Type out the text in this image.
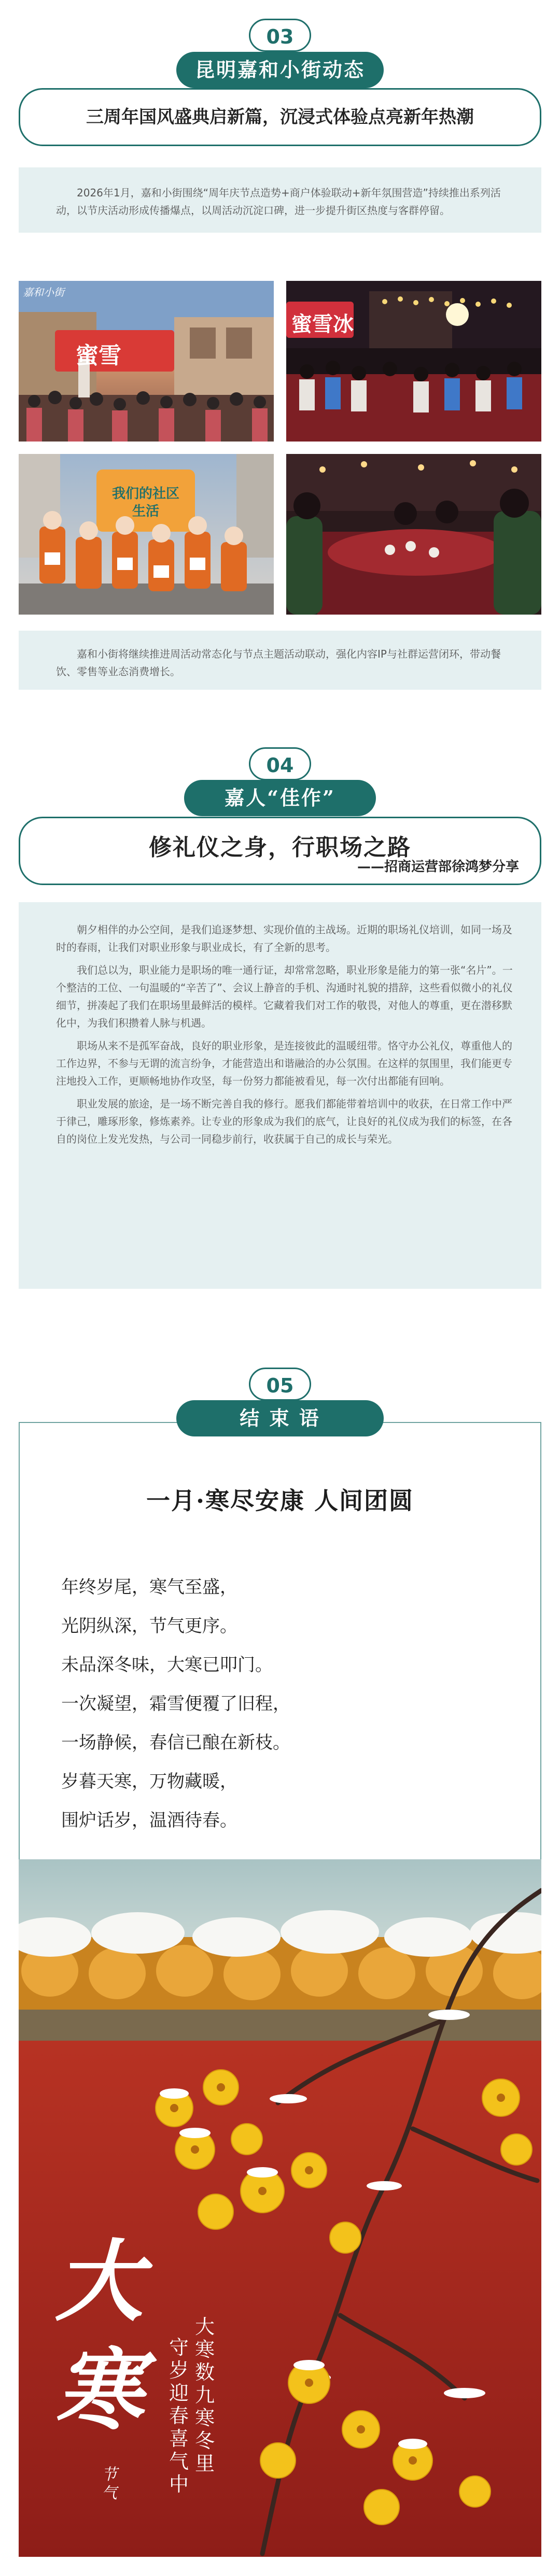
03
昆明嘉和小街动态
三周年国风盛典启新篇，沉浸式体验点亮新年热潮

2026年1月，嘉和小街围绕“周年庆节点造势+商户体验联动+新年氛围营造”持续推出系列活动，以节庆活动形成传播爆点，以周活动沉淀口碑，进一步提升街区热度与客群停留。

嘉和小街
蜜雪
蜜雪冰
我们的社区生活

嘉和小街将继续推进周活动常态化与节点主题活动联动，强化内容IP与社群运营闭环，带动餐饮、零售等业态消费增长。

04
嘉人“佳作”
修礼仪之身，行职场之路
——招商运营部徐鸿梦分享

朝夕相伴的办公空间，是我们追逐梦想、实现价值的主战场。近期的职场礼仪培训，如同一场及时的春雨，让我们对职业形象与职业成长，有了全新的思考。

我们总以为，职业能力是职场的唯一通行证，却常常忽略，职业形象是能力的第一张“名片”。一个整洁的工位、一句温暖的“辛苦了”、会议上静音的手机、沟通时礼貌的措辞，这些看似微小的礼仪细节，拼凑起了我们在职场里最鲜活的模样。它藏着我们对工作的敬畏，对他人的尊重，更在潜移默化中，为我们积攒着人脉与机遇。

职场从来不是孤军奋战，良好的职业形象，是连接彼此的温暖纽带。恪守办公礼仪，尊重他人的工作边界，不参与无谓的流言纷争，才能营造出和谐融洽的办公氛围。在这样的氛围里，我们能更专注地投入工作，更顺畅地协作攻坚，每一份努力都能被看见，每一次付出都能有回响。

职业发展的旅途，是一场不断完善自我的修行。愿我们都能带着培训中的收获，在日常工作中严于律己，雕琢形象，修炼素养。让专业的形象成为我们的底气，让良好的礼仪成为我们的标签，在各自的岗位上发光发热，与公司一同稳步前行，收获属于自己的成长与荣光。

05
结 束 语
一月·寒尽安康 人间团圆
年终岁尾，寒气至盛，
光阴纵深，节气更序。
未品深冬味，大寒已叩门。
一次凝望，霜雪便覆了旧程，
一场静候，春信已酿在新枝。
岁暮天寒，万物藏暖，
围炉话岁，温酒待春。
大寒
节气
大寒数九寒冬里
守岁迎春喜气中
